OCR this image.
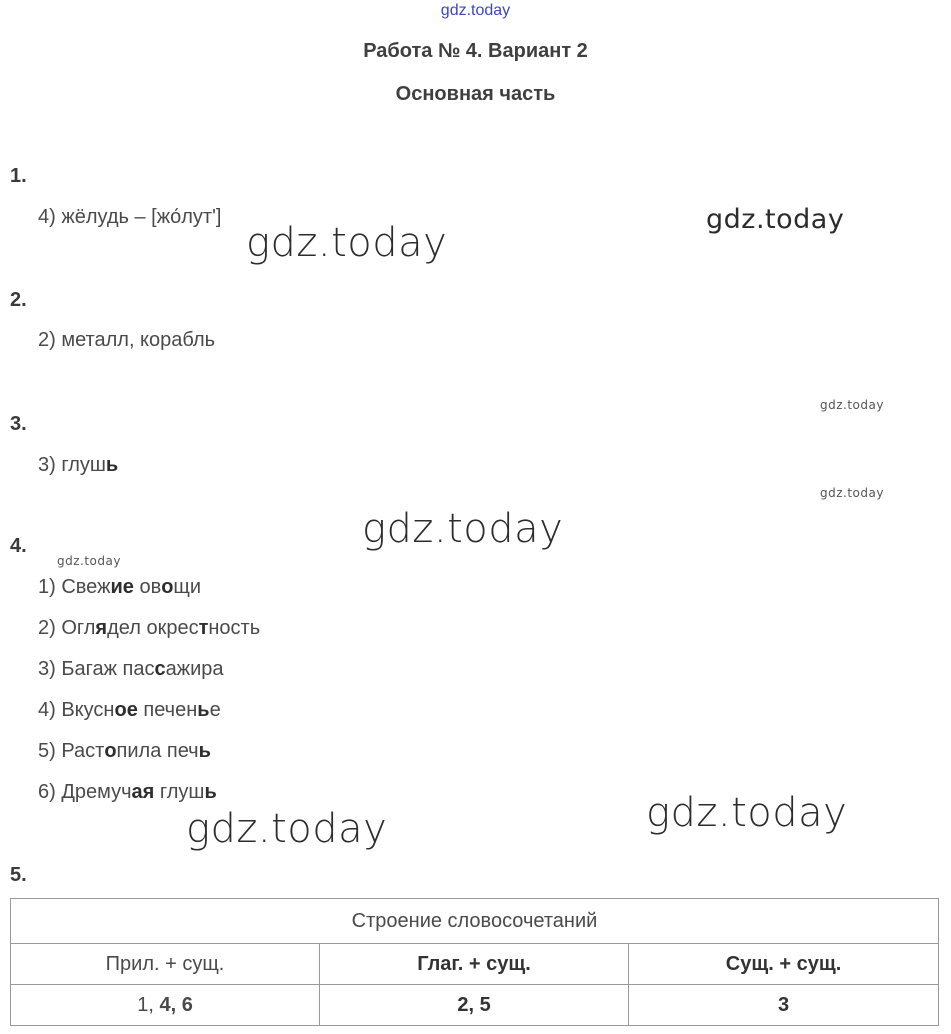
gdz.today
Работа № 4. Вариант 2
Основная часть
1.
4) жёлудь – [жо́лут']
gdz.today
gdz.today
2.
2) металл, корабль
gdz.today
3.
3) глушь
gdz.today
gdz.today
4.
gdz.today
1) Свежие овощи
2) Оглядел окрестность
3) Багаж пассажира
4) Вкусное печенье
5) Растопила печь
6) Дремучая глушь	gdz.today
gdz.today
5.
Строение словосочетаний		
Прил. + сущ.	Глаг. + сущ.	Сущ. + сущ.
1, 4, 6	2, 5	3
